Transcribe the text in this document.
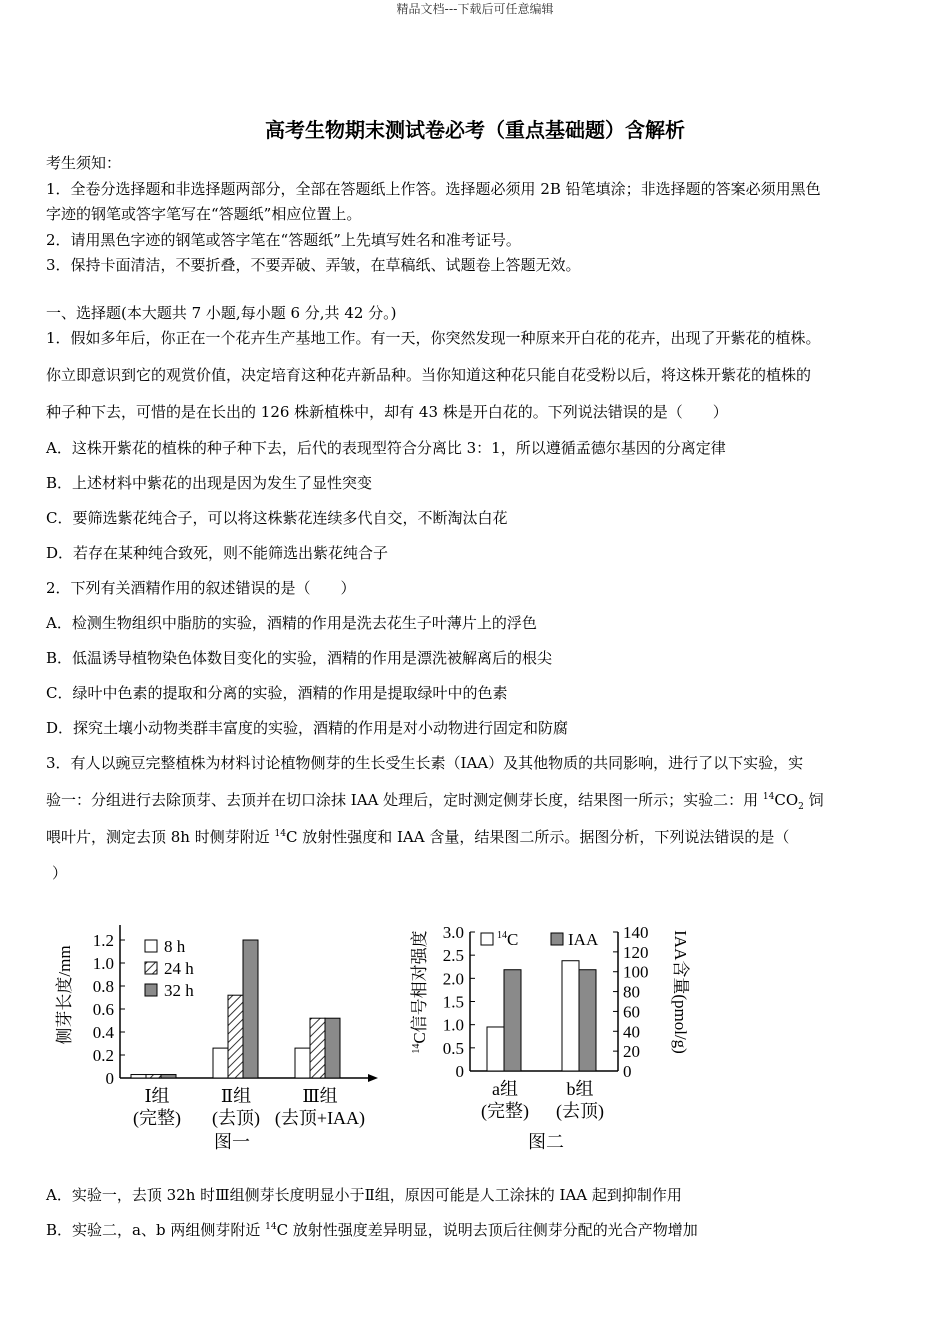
精品文档---下载后可任意编辑
高考生物期末测试卷必考（重点基础题）含解析
考生须知：
1．全卷分选择题和非选择题两部分，全部在答题纸上作答。选择题必须用 2B 铅笔填涂；非选择题的答案必须用黑色
字迹的钢笔或答字笔写在“答题纸”相应位置上。
2．请用黑色字迹的钢笔或答字笔在“答题纸”上先填写姓名和准考证号。
3．保持卡面清洁，不要折叠，不要弄破、弄皱，在草稿纸、试题卷上答题无效。
一、选择题(本大题共 7 小题,每小题 6 分,共 42 分。)
1．假如多年后，你正在一个花卉生产基地工作。有一天，你突然发现一种原来开白花的花卉，出现了开紫花的植株。
你立即意识到它的观赏价值，决定培育这种花卉新品种。当你知道这种花只能自花受粉以后，将这株开紫花的植株的
种子种下去，可惜的是在长出的 126 株新植株中，却有 43 株是开白花的。下列说法错误的是（　　）
A．这株开紫花的植株的种子种下去，后代的表现型符合分离比 3：1，所以遵循孟德尔基因的分离定律
B．上述材料中紫花的出现是因为发生了显性突变
C．要筛选紫花纯合子，可以将这株紫花连续多代自交，不断淘汰白花
D．若存在某种纯合致死，则不能筛选出紫花纯合子
2．下列有关酒精作用的叙述错误的是（　　）
A．检测生物组织中脂肪的实验，酒精的作用是洗去花生子叶薄片上的浮色
B．低温诱导植物染色体数目变化的实验，酒精的作用是漂洗被解离后的根尖
C．绿叶中色素的提取和分离的实验，酒精的作用是提取绿叶中的色素
D．探究土壤小动物类群丰富度的实验，酒精的作用是对小动物进行固定和防腐
3．有人以豌豆完整植株为材料讨论植物侧芽的生长受生长素（IAA）及其他物质的共同影响，进行了以下实验，实
验一：分组进行去除顶芽、去顶并在切口涂抹 IAA 处理后，定时测定侧芽长度，结果图一所示；实验二：用 $^{14}CO_2$ 饲
喂叶片，测定去顶 8h 时侧芽附近 $^{14}$C 放射性强度和 IAA 含量，结果图二所示。据图分析，下列说法错误的是（
）
侧芽长度/mm
0
0.2
0.4
0.6
0.8
1.0
1.2
Ⅰ组
(完整)
Ⅱ组
(去顶)
Ⅲ组
(去顶+IAA)
8 h
24 h
32 h
图一
$^{14}$C信号相对强度	IAA含量(pmol/g)
0
0.5
1.0
1.5
2.0
2.5
3.0
0
20
40
60
80
100
120
140
a组
(完整)
b组
(去顶)
$^{14}$C	IAA
图二
A．实验一，去顶 32h 时Ⅲ组侧芽长度明显小于Ⅱ组，原因可能是人工涂抹的 IAA 起到抑制作用
B．实验二，a、b 两组侧芽附近 $^{14}$C 放射性强度差异明显，说明去顶后往侧芽分配的光合产物增加
